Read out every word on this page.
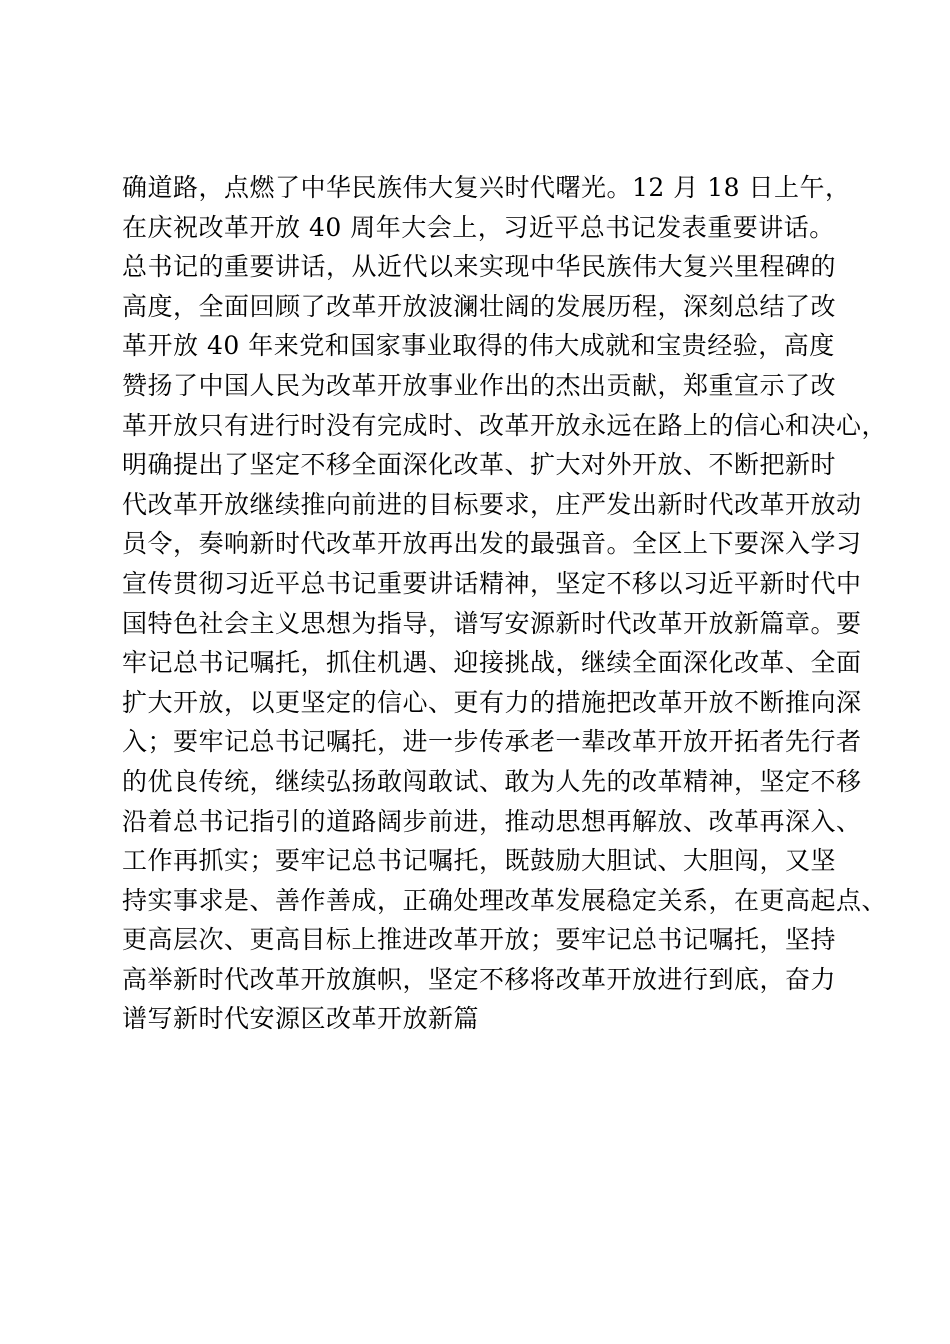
确道路，点燃了中华民族伟大复兴时代曙光。12 月 18 日上午，
在庆祝改革开放 40 周年大会上，习近平总书记发表重要讲话。
总书记的重要讲话，从近代以来实现中华民族伟大复兴里程碑的
高度，全面回顾了改革开放波澜壮阔的发展历程，深刻总结了改
革开放 40 年来党和国家事业取得的伟大成就和宝贵经验，高度
赞扬了中国人民为改革开放事业作出的杰出贡献，郑重宣示了改
革开放只有进行时没有完成时、改革开放永远在路上的信心和决心，
明确提出了坚定不移全面深化改革、扩大对外开放、不断把新时
代改革开放继续推向前进的目标要求，庄严发出新时代改革开放动
员令，奏响新时代改革开放再出发的最强音。全区上下要深入学习
宣传贯彻习近平总书记重要讲话精神，坚定不移以习近平新时代中
国特色社会主义思想为指导，谱写安源新时代改革开放新篇章。要
牢记总书记嘱托，抓住机遇、迎接挑战，继续全面深化改革、全面
扩大开放，以更坚定的信心、更有力的措施把改革开放不断推向深
入；要牢记总书记嘱托，进一步传承老一辈改革开放开拓者先行者
的优良传统，继续弘扬敢闯敢试、敢为人先的改革精神，坚定不移
沿着总书记指引的道路阔步前进，推动思想再解放、改革再深入、
工作再抓实；要牢记总书记嘱托，既鼓励大胆试、大胆闯，又坚
持实事求是、善作善成，正确处理改革发展稳定关系，在更高起点、
更高层次、更高目标上推进改革开放；要牢记总书记嘱托，坚持
高举新时代改革开放旗帜，坚定不移将改革开放进行到底，奋力
谱写新时代安源区改革开放新篇
